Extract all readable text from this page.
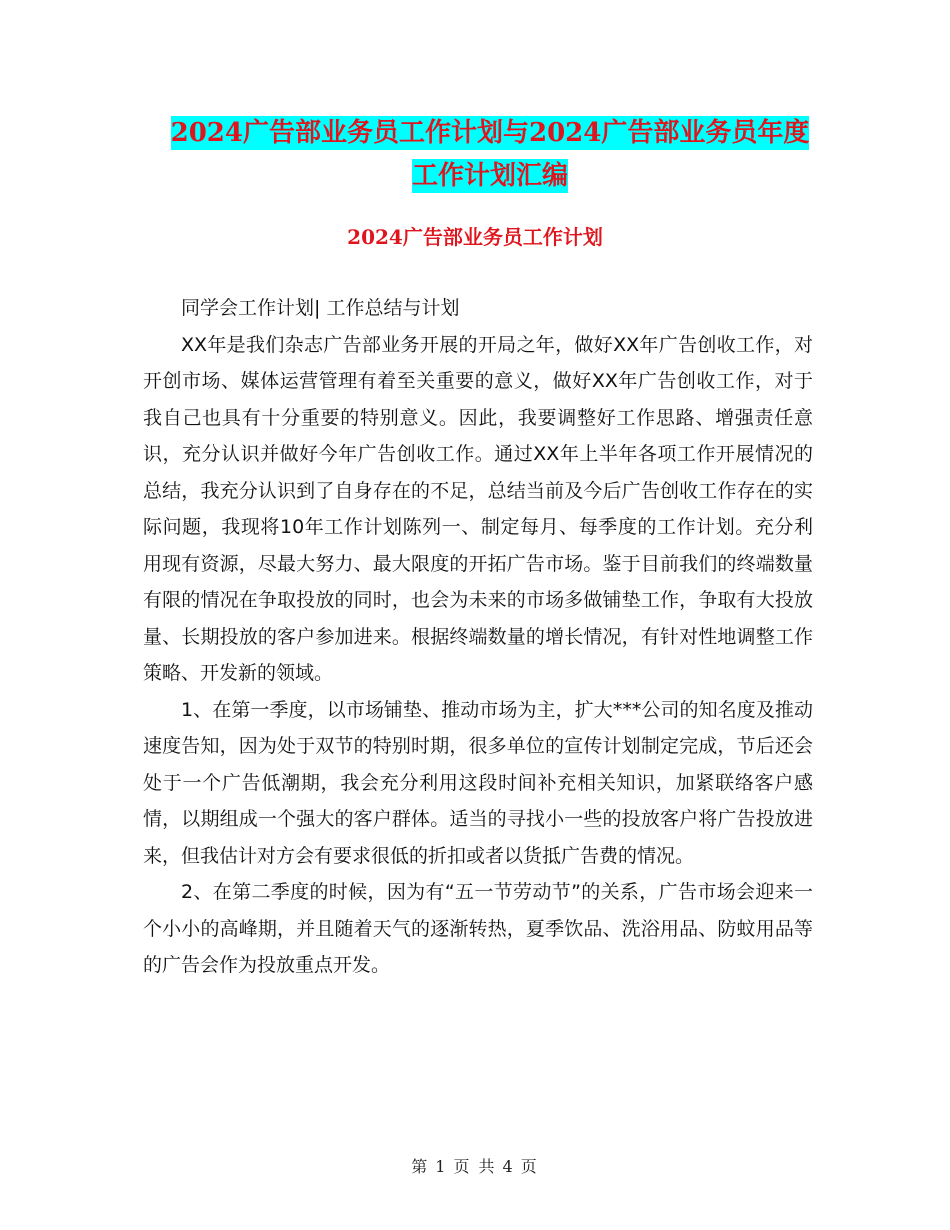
2024广告部业务员工作计划与2024广告部业务员年度
工作计划汇编
2024广告部业务员工作计划

同学会工作计划| 工作总结与计划

XX年是我们杂志广告部业务开展的开局之年，做好XX年广告创收工作，对开创市场、媒体运营管理有着至关重要的意义，做好XX年广告创收工作，对于我自己也具有十分重要的特别意义。因此，我要调整好工作思路、增强责任意识，充分认识并做好今年广告创收工作。通过XX年上半年各项工作开展情况的总结，我充分认识到了自身存在的不足，总结当前及今后广告创收工作存在的实际问题，我现将10年工作计划陈列一、制定每月、每季度的工作计划。充分利用现有资源，尽最大努力、最大限度的开拓广告市场。鉴于目前我们的终端数量有限的情况在争取投放的同时，也会为未来的市场多做铺垫工作，争取有大投放量、长期投放的客户参加进来。根据终端数量的增长情况，有针对性地调整工作策略、开发新的领域。

1、在第一季度，以市场铺垫、推动市场为主，扩大***公司的知名度及推动速度告知，因为处于双节的特别时期，很多单位的宣传计划制定完成，节后还会处于一个广告低潮期，我会充分利用这段时间补充相关知识，加紧联络客户感情，以期组成一个强大的客户群体。适当的寻找小一些的投放客户将广告投放进来，但我估计对方会有要求很低的折扣或者以货抵广告费的情况。

2、在第二季度的时候，因为有“五一节劳动节”的关系，广告市场会迎来一个小小的高峰期，并且随着天气的逐渐转热，夏季饮品、洗浴用品、防蚊用品等的广告会作为投放重点开发。

第 1 页 共 4 页
